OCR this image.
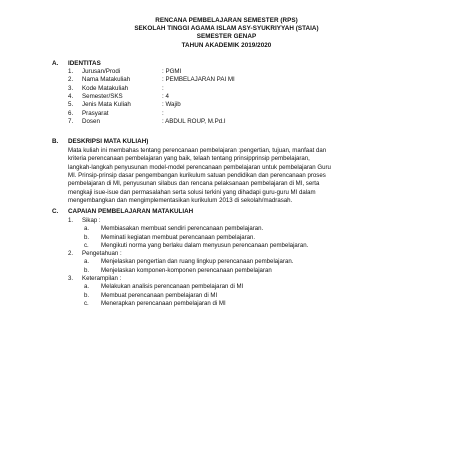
RENCANA PEMBELAJARAN SEMESTER (RPS)
SEKOLAH TINGGI AGAMA ISLAM ASY-SYUKRIYYAH (STAIA)
SEMESTER GENAP
TAHUN AKADEMIK 2019/2020
A. IDENTITAS
1.	Jurusan/Prodi	: PGMI
2.	Nama Matakuliah	: PEMBELAJARAN PAI MI
3.	Kode Matakuliah	:
4.	Semester/SKS	: 4
5.	Jenis Mata Kuliah	: Wajib
6.	Prasyarat	:
7.	Dosen	: ABDUL ROUP, M.Pd.I
B. DESKRIPSI MATA KULIAH)
Mata kuliah ini membahas tentang perencanaan pembelajaran :pengertian, tujuan, manfaat dan
kriteria perencanaan pembelajaran yang baik, telaah tentang prinsipprinsip pembelajaran,
langkah-langkah penyusunan model-model perencanaan pembelajaran untuk pembelajaran Guru
MI. Prinsip-prinsip dasar pengembangan kurikulum satuan pendidikan dan perencanaan proses
pembelajaran di MI, penyusunan silabus dan rencana pelaksanaan pembelajaran di MI, serta
mengkaji isue-isue dan permasalahan serta solusi terkini yang dihadapi guru-guru MI dalam
mengembangkan dan mengimplementasikan kurikulum 2013 di sekolah/madrasah.
C. CAPAIAN PEMBELAJARAN MATAKULIAH
1.	Sikap :
a.	Membiasakan membuat sendiri perencanaan pembelajaran.
b.	Meminati kegiatan membuat perencanaan pembelajaran.
c.	Mengikuti norma yang berlaku dalam menyusun perencanaan pembelajaran.
2.	Pengetahuan :
a.	Menjelaskan pengertian dan ruang lingkup perencanaan pembelajaran.
b.	Menjelaskan komponen-komponen perencanaan pembelajaran
3.	Keterampilan :
a.	Melakukan analisis perencanaan pembelajaran di MI
b.	Membuat perencanaan pembelajaran di MI
c.	Menerapkan perencanaan pembelajaran di MI
